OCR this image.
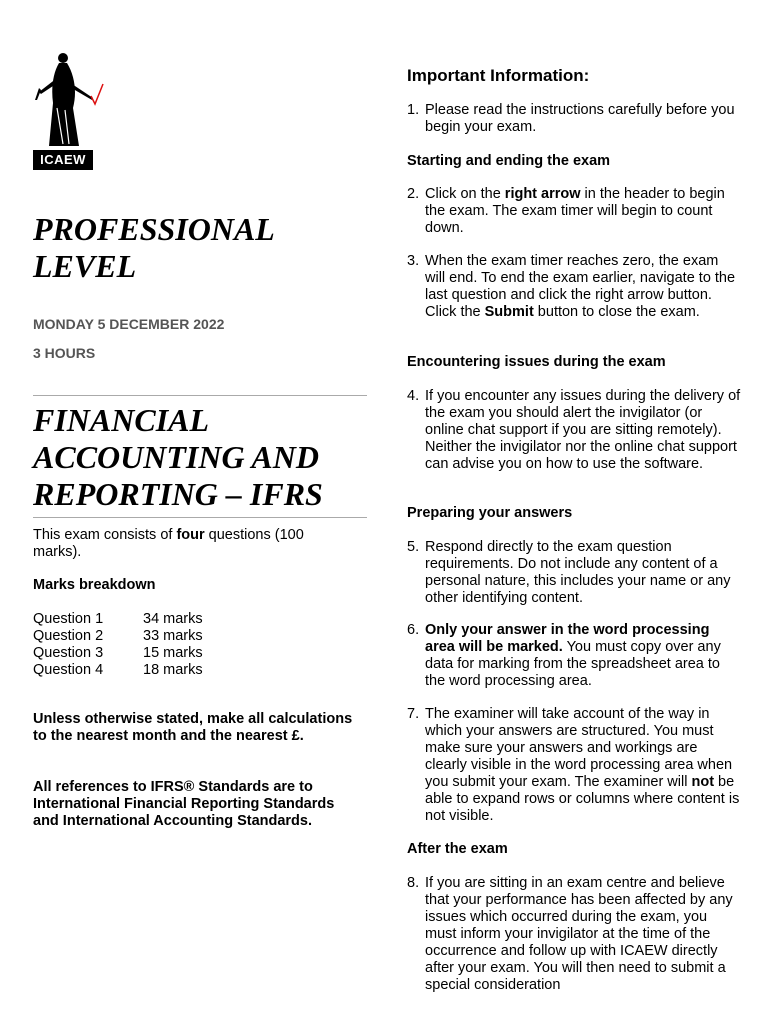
ICAEW

PROFESSIONAL

LEVEL

MONDAY 5 DECEMBER 2022
3 HOURS

FINANCIAL

ACCOUNTING AND

REPORTING – IFRS

This exam consists of four questions (100 marks).

Marks breakdown
Question 1	34 marks
Question 2	33 marks
Question 3	15 marks
Question 4	18 marks

Unless otherwise stated, make all calculations to the nearest month and the nearest £.

All references to IFRS® Standards are to International Financial Reporting Standards and International Accounting Standards.

Important Information:

1. Please read the instructions carefully before you begin your exam.
Starting and ending the exam
2. Click on the right arrow in the header to begin the exam. The exam timer will begin to count down.
3. When the exam timer reaches zero, the exam will end. To end the exam earlier, navigate to the last question and click the right arrow button. Click the Submit button to close the exam.
Encountering issues during the exam
4. If you encounter any issues during the delivery of the exam you should alert the invigilator (or online chat support if you are sitting remotely). Neither the invigilator nor the online chat support can advise you on how to use the software.
Preparing your answers
5. Respond directly to the exam question requirements. Do not include any content of a personal nature, this includes your name or any other identifying content.
6. Only your answer in the word processing area will be marked. You must copy over any data for marking from the spreadsheet area to the word processing area.
7. The examiner will take account of the way in which your answers are structured. You must make sure your answers and workings are clearly visible in the word processing area when you submit your exam. The examiner will not be able to expand rows or columns where content is not visible.
After the exam
8. If you are sitting in an exam centre and believe that your performance has been affected by any issues which occurred during the exam, you must inform your invigilator at the time of the occurrence and follow up with ICAEW directly after your exam. You will then need to submit a special consideration
